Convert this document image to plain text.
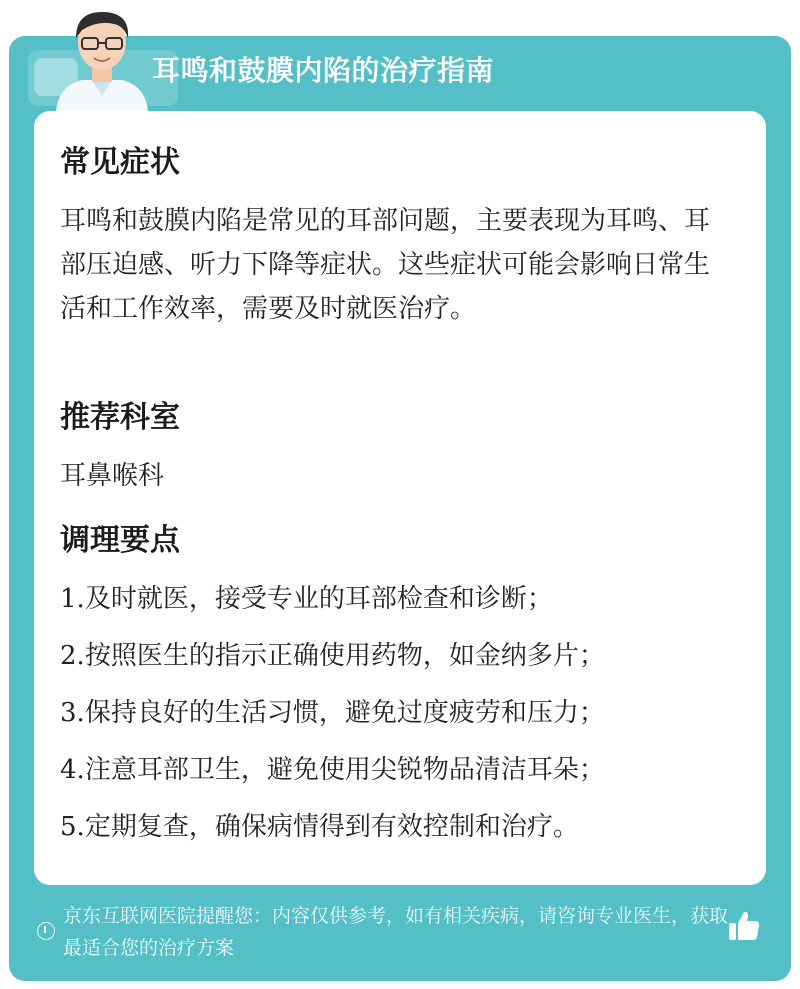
耳鸣和鼓膜内陷的治疗指南
常见症状
耳鸣和鼓膜内陷是常见的耳部问题，主要表现为耳鸣、耳部压迫感、听力下降等症状。这些症状可能会影响日常生活和工作效率，需要及时就医治疗。
推荐科室
耳鼻喉科
调理要点
1.及时就医，接受专业的耳部检查和诊断；
2.按照医生的指示正确使用药物，如金纳多片；
3.保持良好的生活习惯，避免过度疲劳和压力；
4.注意耳部卫生，避免使用尖锐物品清洁耳朵；
5.定期复查，确保病情得到有效控制和治疗。
京东互联网医院提醒您：内容仅供参考，如有相关疾病，请咨询专业医生，获取最适合您的治疗方案
